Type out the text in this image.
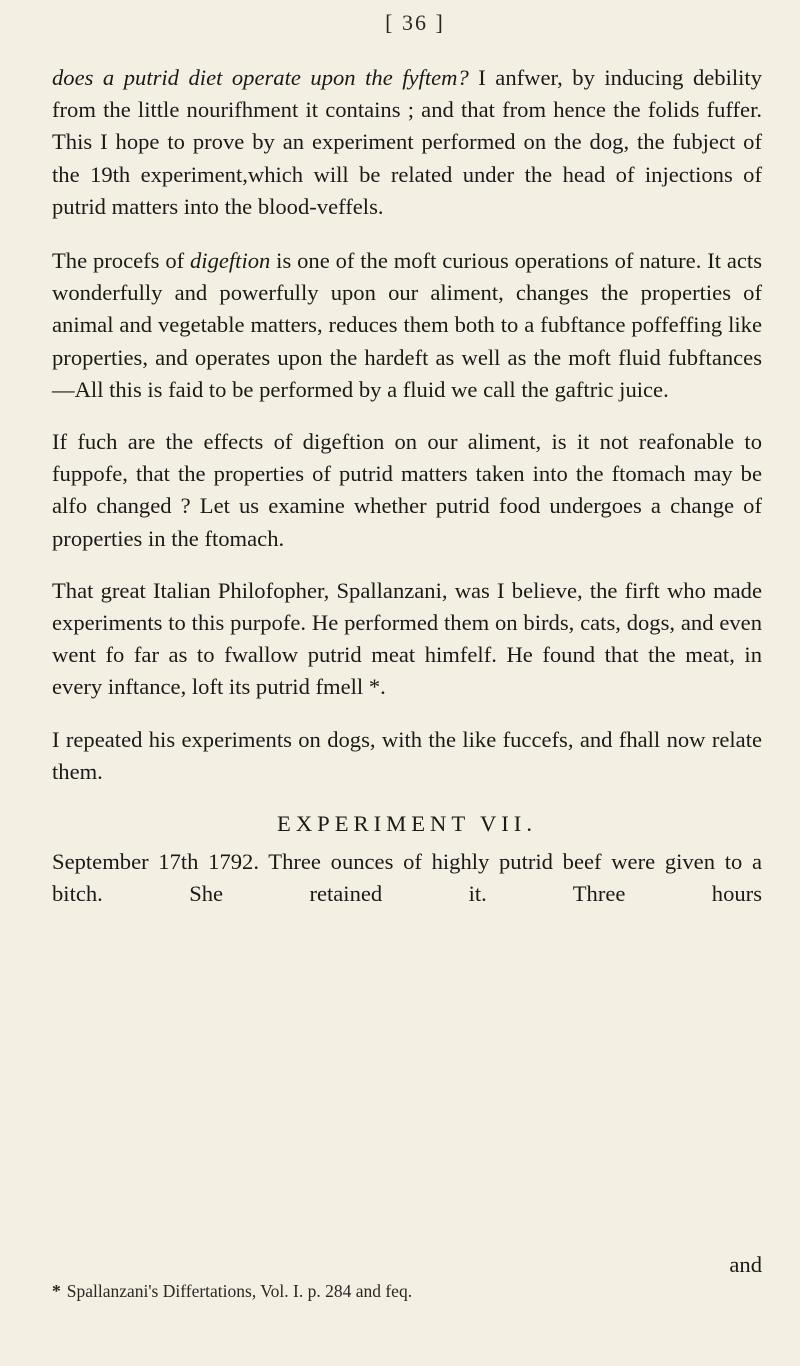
[ 36 ]

does a putrid diet operate upon the fyftem? I anfwer, by inducing debility from the little nourifhment it contains ; and that from hence the folids fuffer. This I hope to prove by an experiment performed on the dog, the fubject of the 19th experiment,which will be related under the head of injections of putrid matters into the blood-veffels.

The procefs of digeftion is one of the moft curious operations of nature. It acts wonderfully and powerfully upon our aliment, changes the properties of animal and vegetable matters, reduces them both to a fubftance poffeffing like properties, and operates upon the hardeft as well as the moft fluid fubftances —All this is faid to be performed by a fluid we call the gaftric juice.

If fuch are the effects of digeftion on our aliment, is it not reafonable to fuppofe, that the properties of putrid matters taken into the ftomach may be alfo changed ? Let us examine whether putrid food undergoes a change of properties in the ftomach.

That great Italian Philofopher, Spallanzani, was I believe, the firft who made experiments to this purpofe. He performed them on birds, cats, dogs, and even went fo far as to fwallow putrid meat himfelf. He found that the meat, in every inftance, loft its putrid fmell *.

I repeated his experiments on dogs, with the like fuccefs, and fhall now relate them.

EXPERIMENT VII.

September 17th 1792. Three ounces of highly putrid beef were given to a bitch. She retained it. Three hours

and
* Spallanzani's Differtations, Vol. I. p. 284 and feq.
